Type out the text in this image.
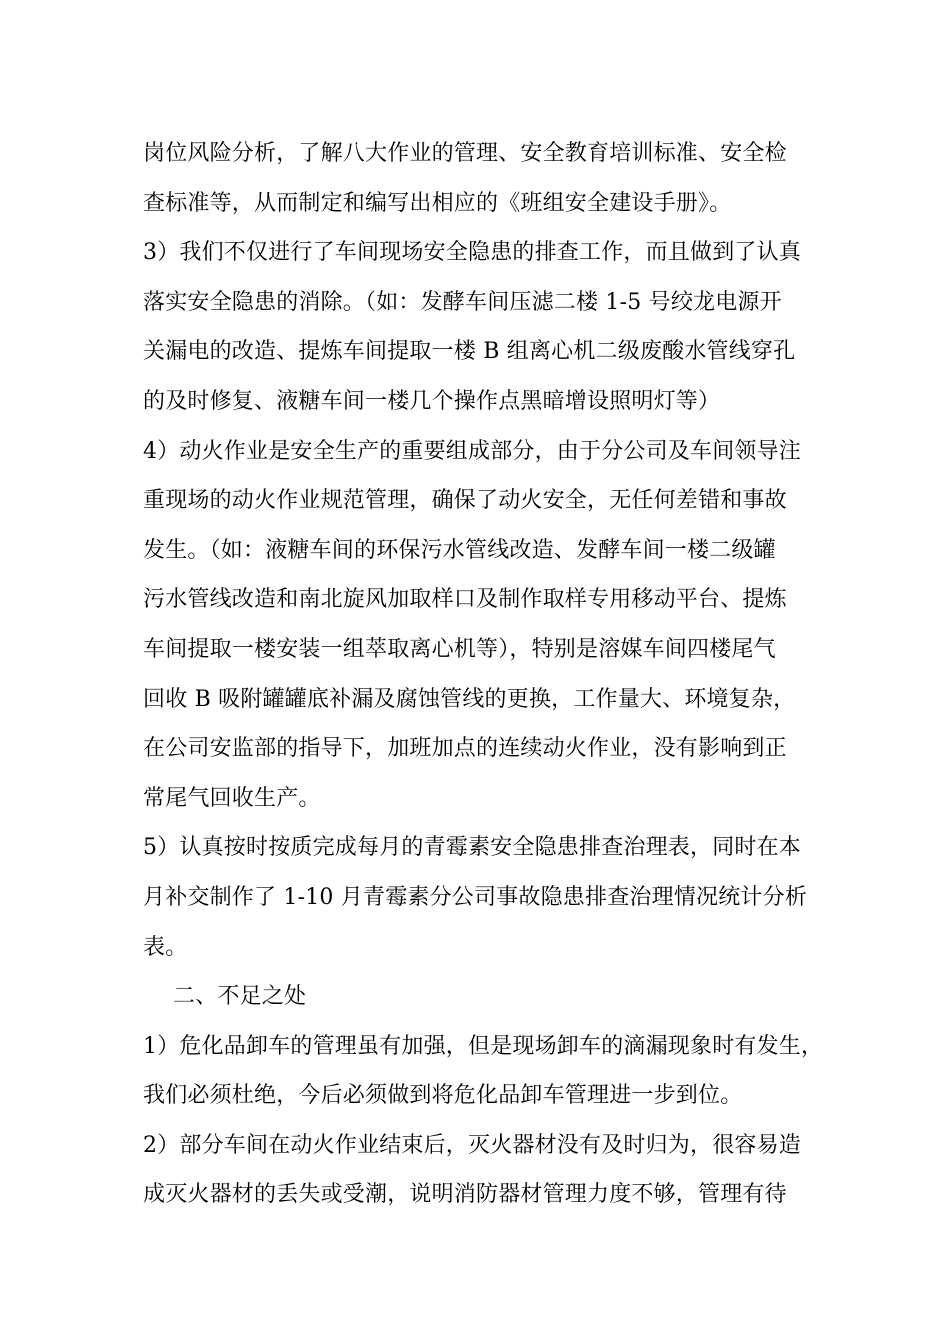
岗位风险分析，了解八大作业的管理、安全教育培训标准、安全检
查标准等，从而制定和编写出相应的《班组安全建设手册》。
3）我们不仅进行了车间现场安全隐患的排查工作，而且做到了认真
落实安全隐患的消除。（如：发酵车间压滤二楼 1-5 号绞龙电源开
关漏电的改造、提炼车间提取一楼 B 组离心机二级废酸水管线穿孔
的及时修复、液糖车间一楼几个操作点黑暗增设照明灯等）
4）动火作业是安全生产的重要组成部分，由于分公司及车间领导注
重现场的动火作业规范管理，确保了动火安全，无任何差错和事故
发生。（如：液糖车间的环保污水管线改造、发酵车间一楼二级罐
污水管线改造和南北旋风加取样口及制作取样专用移动平台、提炼
车间提取一楼安装一组萃取离心机等），特别是溶媒车间四楼尾气
回收 B 吸附罐罐底补漏及腐蚀管线的更换，工作量大、环境复杂，
在公司安监部的指导下，加班加点的连续动火作业，没有影响到正
常尾气回收生产。
5）认真按时按质完成每月的青霉素安全隐患排查治理表，同时在本
月补交制作了 1-10 月青霉素分公司事故隐患排查治理情况统计分析
表。
二、不足之处
1）危化品卸车的管理虽有加强，但是现场卸车的滴漏现象时有发生，
我们必须杜绝，今后必须做到将危化品卸车管理进一步到位。
2）部分车间在动火作业结束后，灭火器材没有及时归为，很容易造
成灭火器材的丢失或受潮，说明消防器材管理力度不够，管理有待
